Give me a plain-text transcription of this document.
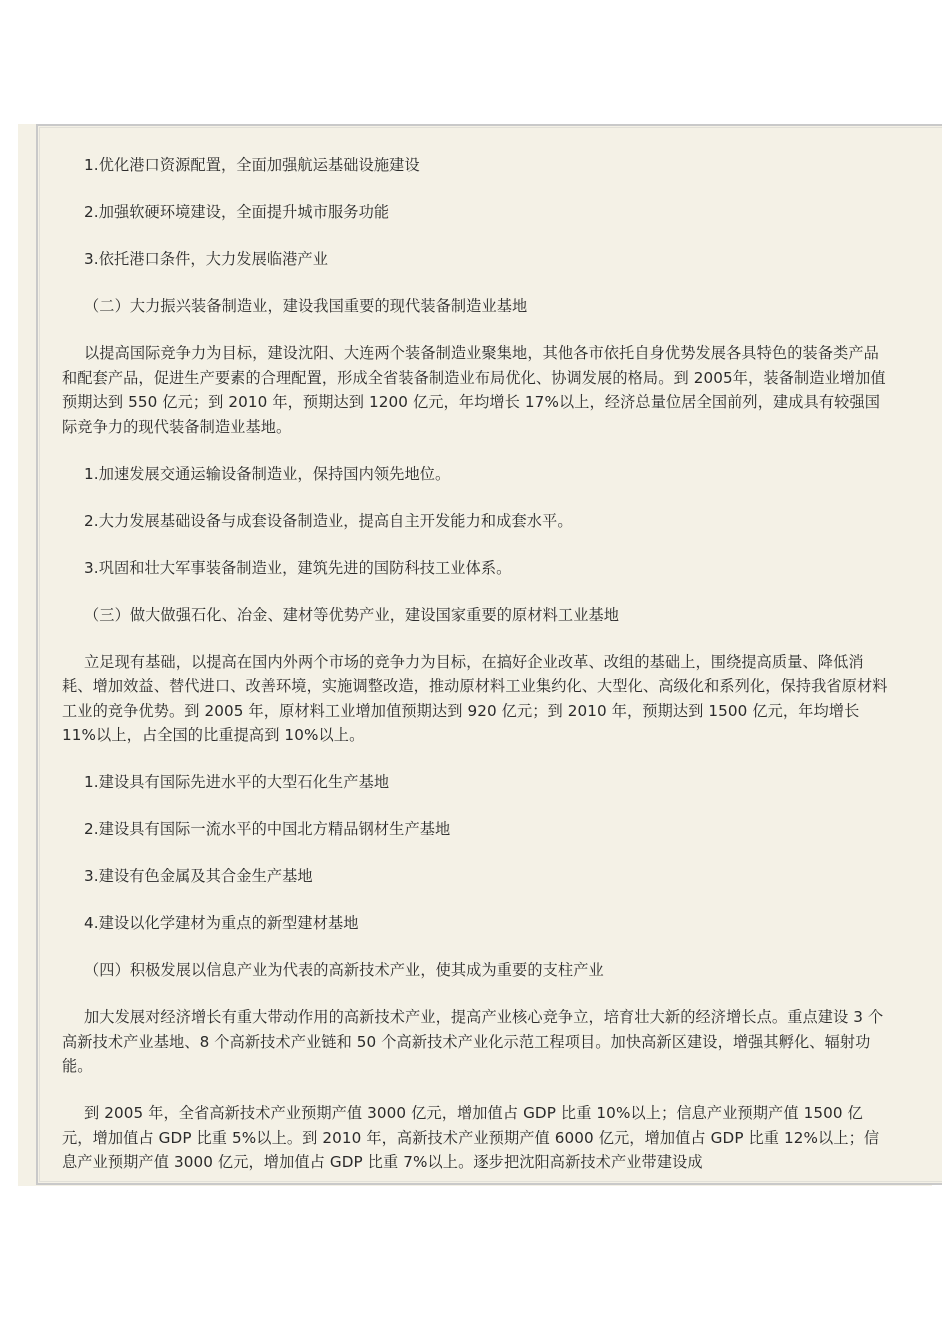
1.优化港口资源配置，全面加强航运基础设施建设

2.加强软硬环境建设，全面提升城市服务功能

3.依托港口条件，大力发展临港产业

（二）大力振兴装备制造业，建设我国重要的现代装备制造业基地

以提高国际竞争力为目标，建设沈阳、大连两个装备制造业聚集地，其他各市依托自身优势发展各具特色的装备类产品和配套产品，促进生产要素的合理配置，形成全省装备制造业布局优化、协调发展的格局。到 2005年，装备制造业增加值预期达到 550 亿元；到 2010 年，预期达到 1200 亿元，年均增长 17%以上，经济总量位居全国前列，建成具有较强国际竞争力的现代装备制造业基地。

1.加速发展交通运输设备制造业，保持国内领先地位。

2.大力发展基础设备与成套设备制造业，提高自主开发能力和成套水平。

3.巩固和壮大军事装备制造业，建筑先进的国防科技工业体系。

（三）做大做强石化、冶金、建材等优势产业，建设国家重要的原材料工业基地

立足现有基础，以提高在国内外两个市场的竞争力为目标，在搞好企业改革、改组的基础上，围绕提高质量、降低消耗、增加效益、替代进口、改善环境，实施调整改造，推动原材料工业集约化、大型化、高级化和系列化，保持我省原材料工业的竞争优势。到 2005 年，原材料工业增加值预期达到 920 亿元；到 2010 年，预期达到 1500 亿元，年均增长 11%以上，占全国的比重提高到 10%以上。

1.建设具有国际先进水平的大型石化生产基地

2.建设具有国际一流水平的中国北方精品钢材生产基地

3.建设有色金属及其合金生产基地

4.建设以化学建材为重点的新型建材基地

（四）积极发展以信息产业为代表的高新技术产业，使其成为重要的支柱产业

加大发展对经济增长有重大带动作用的高新技术产业，提高产业核心竞争立，培育壮大新的经济增长点。重点建设 3 个高新技术产业基地、8 个高新技术产业链和 50 个高新技术产业化示范工程项目。加快高新区建设，增强其孵化、辐射功能。

到 2005 年，全省高新技术产业预期产值 3000 亿元，增加值占 GDP 比重 10%以上；信息产业预期产值 1500 亿元，增加值占 GDP 比重 5%以上。到 2010 年，高新技术产业预期产值 6000 亿元，增加值占 GDP 比重 12%以上；信息产业预期产值 3000 亿元，增加值占 GDP 比重 7%以上。逐步把沈阳高新技术产业带建设成
